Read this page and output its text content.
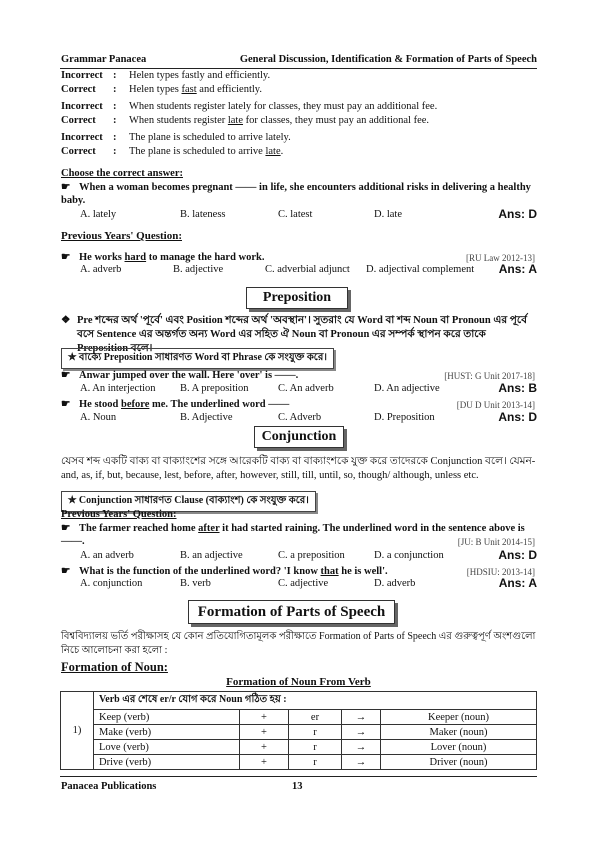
Grammar Panacea	General Discussion, Identification & Formation of Parts of Speech
Incorrect : Helen types fastly and efficiently.
Correct : Helen types fast and efficiently.
Incorrect : When students register lately for classes, they must pay an additional fee.
Correct : When students register late for classes, they must pay an additional fee.
Incorrect : The plane is scheduled to arrive lately.
Correct : The plane is scheduled to arrive late.
Choose the correct answer:
☛ When a woman becomes pregnant —— in life, she encounters additional risks in delivering a healthy baby.
A. lately	B. lateness	C. latest	D. late	Ans: D
Previous Years' Question:
☛ He works hard to manage the hard work.	[RU Law 2012-13]
A. adverb	B. adjective	C. adverbial adjunct D. adjectival complement Ans: A
Preposition
❖ Pre শব্দের অর্থ 'পূর্বে' এবং Position শব্দের অর্থ 'অবস্থান'। সুতরাং যে Word বা শব্দ Noun বা Pronoun এর পূর্বে বসে Sentence এর অন্তর্গত অন্য Word এর সহিত ঐ Noun বা Pronoun এর সম্পর্ক স্থাপন করে তাকে Preposition বলে।
✯ বাক্যে Preposition সাধারণত Word বা Phrase কে সংযুক্ত করে।
☛ Anwar jumped over the wall. Here 'over' is ——.	[HUST: G Unit 2017-18]
A. An interjection B. A preposition	C. An adverb	D. An adjective	Ans: B
☛ He stood before me. The underlined word ——	[DU D Unit 2013-14]
A. Noun	B. Adjective	C. Adverb	D. Preposition	Ans: D
Conjunction
যেসব শব্দ একটি বাক্য বা বাক্যাংশের সঙ্গে আরেকটি বাক্য বা বাক্যাংশকে যুক্ত করে তাদেরকে Conjunction বলে। যেমন- and, as, if, but, because, lest, before, after, however, still, till, until, so, though/ although, unless etc.
✯ Conjunction সাধারণত Clause (বাক্যাংশ) কে সংযুক্ত করে।
Previous Years' Question:
☛ The farmer reached home after it had started raining. The underlined word in the sentence above is ——.	[JU: B Unit 2014-15]
A. an adverb	B. an adjective	C. a preposition	D. a conjunction	Ans: D
☛ What is the function of the underlined word? 'I know that he is well'.	[HDSIU: 2013-14]
A. conjunction	B. verb	C. adjective	D. adverb	Ans: A
Formation of Parts of Speech
বিশ্ববিদ্যালয় ভর্তি পরীক্ষাসহ যে কোন প্রতিযোগিতামূলক পরীক্ষাতে Formation of Parts of Speech এর গুরুত্বপূর্ণ অংশগুলো নিচে আলোচনা করা হলো :
Formation of Noun:
Formation of Noun From Verb
1)	Verb এর শেষে er/r যোগ করে Noun গঠিত হয় :				
	Keep (verb)	+	er	→	Keeper (noun)
	Make (verb)	+	r	→	Maker (noun)
	Love (verb)	+	r	→	Lover (noun)
	Drive (verb)	+	r	→	Driver (noun)
Panacea Publications	13
